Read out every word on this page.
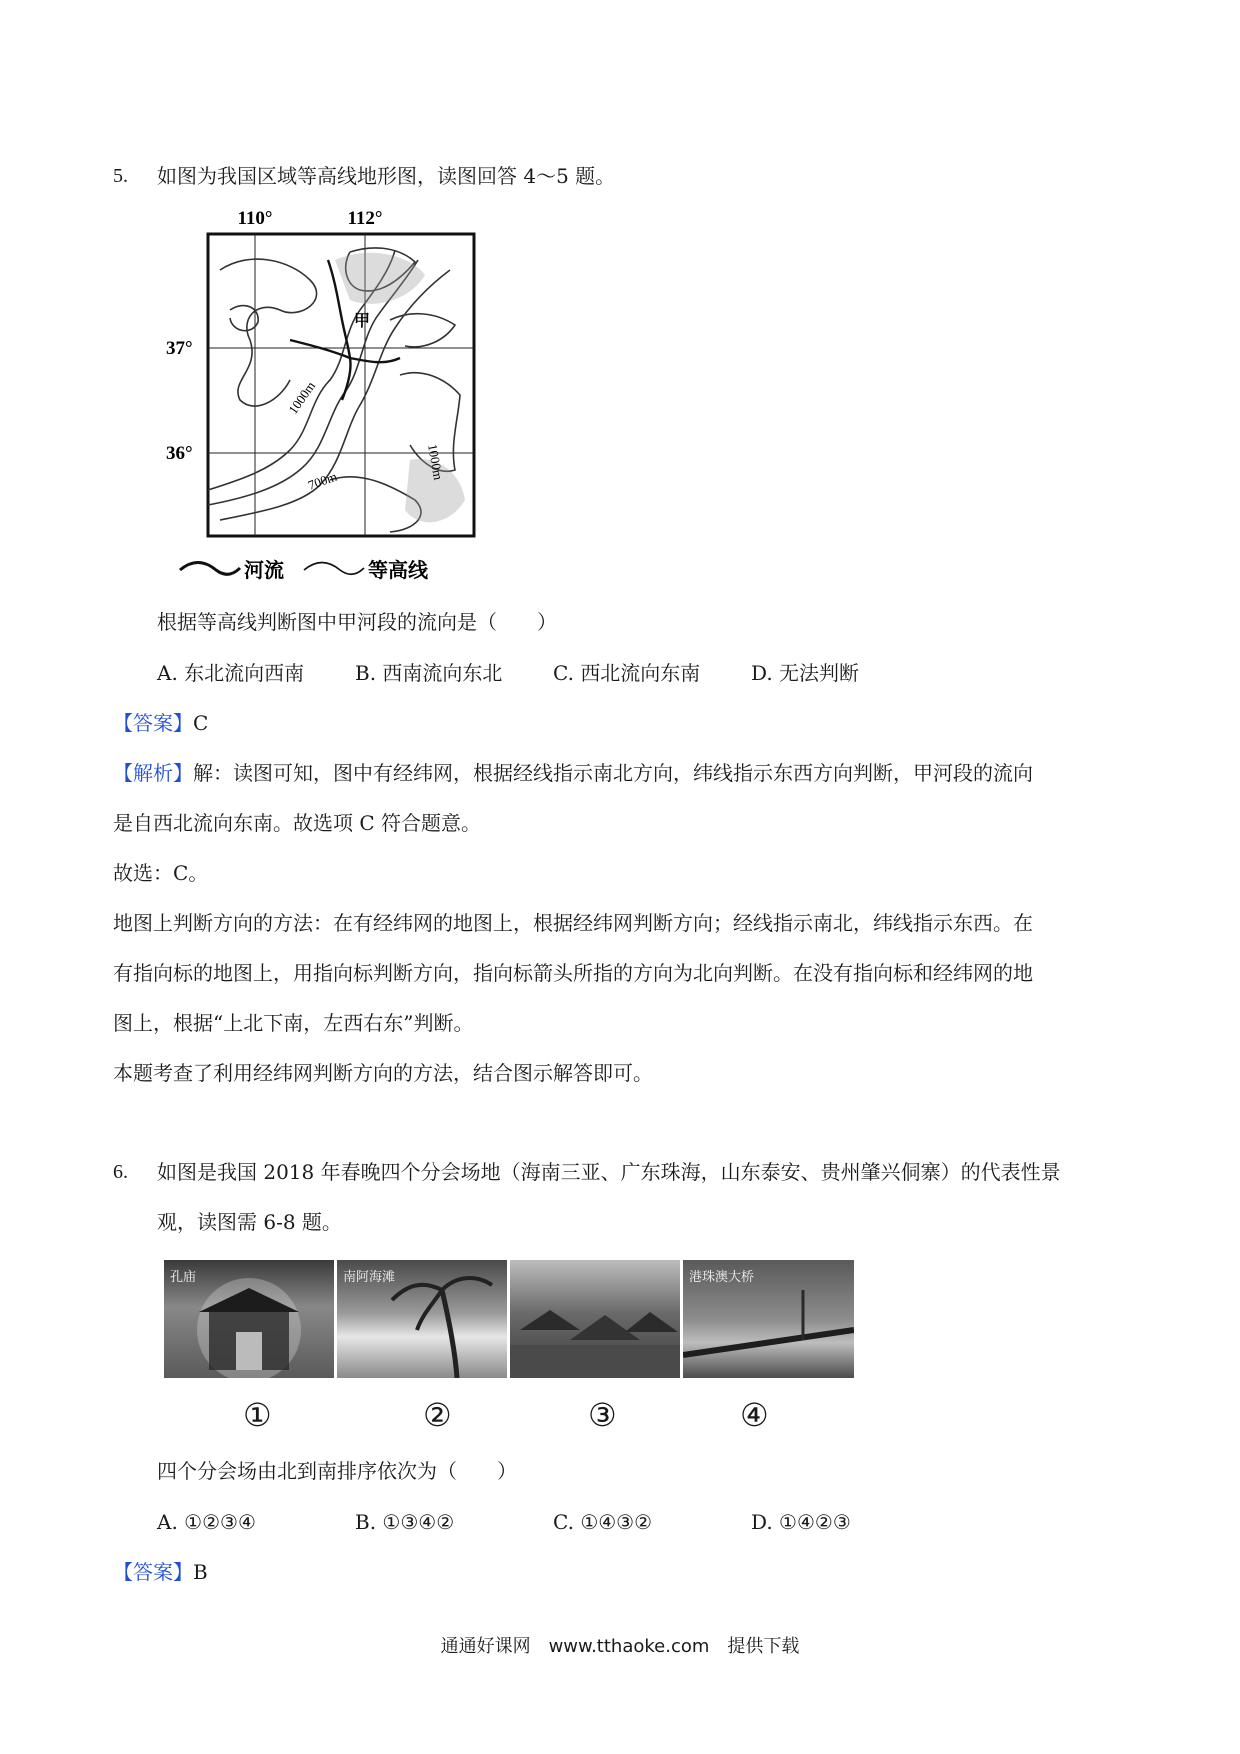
5. 如图为我国区域等高线地形图，读图回答 4～5 题。
110°	112°
37°
36°
1000m
700m	1000m
甲
河流	等高线
根据等高线判断图中甲河段的流向是（　　）
A. 东北流向西南	B. 西南流向东北	C. 西北流向东南	D. 无法判断
【答案】C
【解析】解：读图可知，图中有经纬网，根据经线指示南北方向，纬线指示东西方向判断，甲河段的流向
是自西北流向东南。故选项 C 符合题意。
故选：C。
地图上判断方向的方法：在有经纬网的地图上，根据经纬网判断方向；经线指示南北，纬线指示东西。在
有指向标的地图上，用指向标判断方向，指向标箭头所指的方向为北向判断。在没有指向标和经纬网的地
图上，根据“上北下南，左西右东”判断。
本题考查了利用经纬网判断方向的方法，结合图示解答即可。
6. 如图是我国 2018 年春晚四个分会场地（海南三亚、广东珠海，山东泰安、贵州肇兴侗寨）的代表性景
观，读图需 6-8 题。
孔庙	南阿海滩	港珠澳大桥
①	②	③	④
四个分会场由北到南排序依次为（　　）
A. ①②③④	B. ①③④②	C. ①④③②	D. ①④②③
【答案】B
通通好课网　www.tthaoke.com　提供下载
